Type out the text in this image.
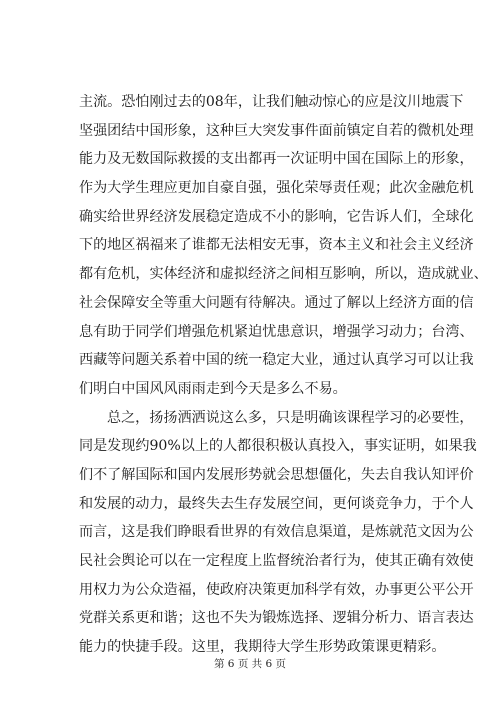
主流。恐怕刚过去的08年，让我们触动惊心的应是汶川地震下
坚强团结中国形象，这种巨大突发事件面前镇定自若的微机处理
能力及无数国际救援的支出都再一次证明中国在国际上的形象，
作为大学生理应更加自豪自强，强化荣辱责任观；此次金融危机
确实给世界经济发展稳定造成不小的影响，它告诉人们，全球化
下的地区祸福来了谁都无法相安无事，资本主义和社会主义经济
都有危机，实体经济和虚拟经济之间相互影响，所以，造成就业、
社会保障安全等重大问题有待解决。通过了解以上经济方面的信
息有助于同学们增强危机紧迫忧患意识，增强学习动力；台湾、
西藏等问题关系着中国的统一稳定大业，通过认真学习可以让我
们明白中国风风雨雨走到今天是多么不易。
总之，扬扬洒洒说这么多，只是明确该课程学习的必要性，
同是发现约90%以上的人都很积极认真投入，事实证明，如果我
们不了解国际和国内发展形势就会思想僵化，失去自我认知评价
和发展的动力，最终失去生存发展空间，更何谈竞争力，于个人
而言，这是我们睁眼看世界的有效信息渠道，是炼就范文因为公
民社会舆论可以在一定程度上监督统治者行为，使其正确有效使
用权力为公众造福，使政府决策更加科学有效，办事更公平公开
党群关系更和谐；这也不失为锻炼选择、逻辑分析力、语言表达
能力的快捷手段。这里，我期待大学生形势政策课更精彩。
第 6 页 共 6 页
